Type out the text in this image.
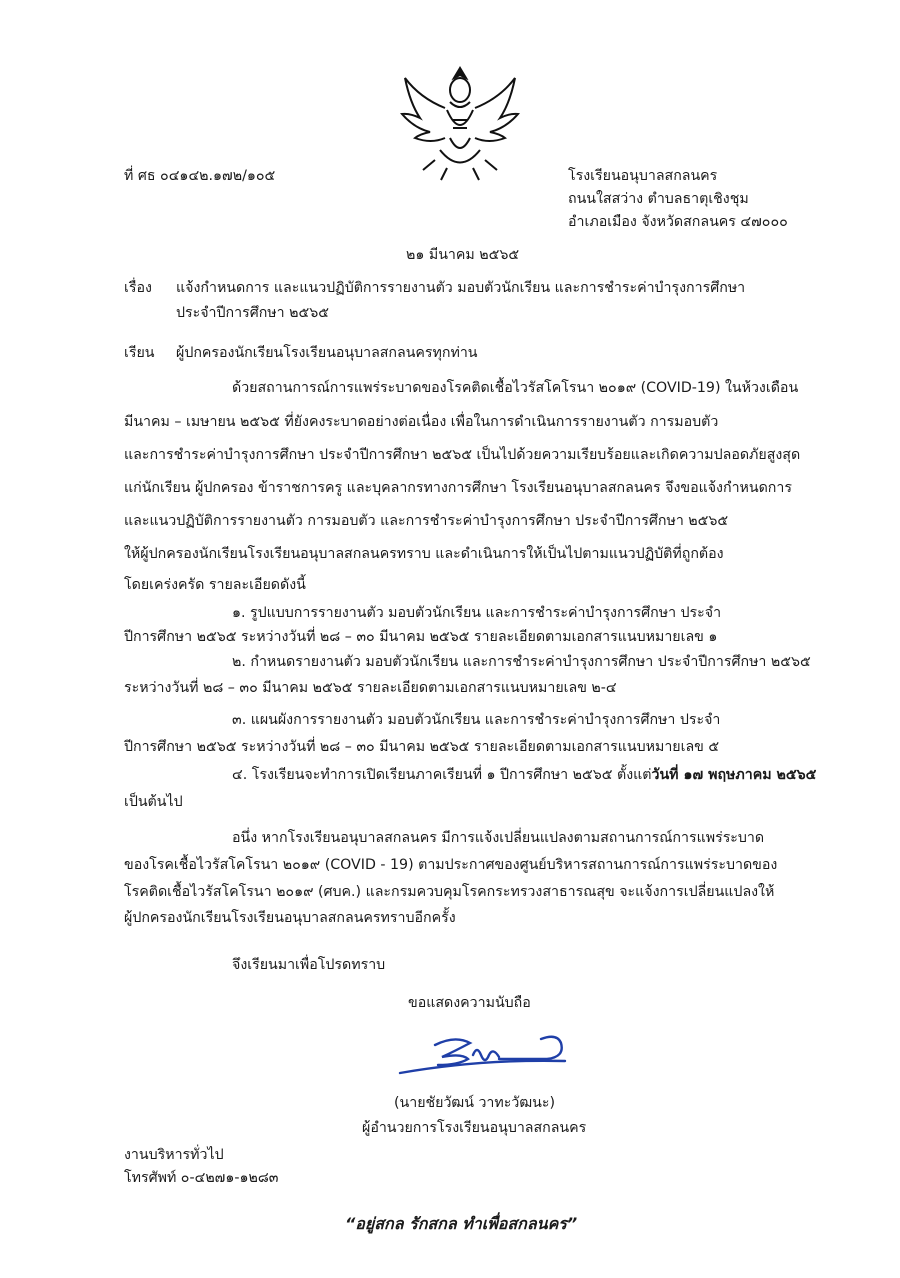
ที่ ศธ ๐๔๑๔๒.๑๗๒/๑๐๕	โรงเรียนอนุบาลสกลนคร
ถนนใสสว่าง ตำบลธาตุเชิงชุม
อำเภอเมือง จังหวัดสกลนคร ๔๗๐๐๐
๒๑ มีนาคม ๒๕๖๕
เรื่อง แจ้งกำหนดการ และแนวปฏิบัติการรายงานตัว มอบตัวนักเรียน และการชำระค่าบำรุงการศึกษา
ประจำปีการศึกษา ๒๕๖๕
เรียน ผู้ปกครองนักเรียนโรงเรียนอนุบาลสกลนครทุกท่าน
ด้วยสถานการณ์การแพร่ระบาดของโรคติดเชื้อไวรัสโคโรนา ๒๐๑๙ (COVID-19) ในห้วงเดือน
มีนาคม – เมษายน ๒๕๖๕ ที่ยังคงระบาดอย่างต่อเนื่อง เพื่อในการดำเนินการรายงานตัว การมอบตัว
และการชำระค่าบำรุงการศึกษา ประจำปีการศึกษา ๒๕๖๕ เป็นไปด้วยความเรียบร้อยและเกิดความปลอดภัยสูงสุด
แก่นักเรียน ผู้ปกครอง ข้าราชการครู และบุคลากรทางการศึกษา โรงเรียนอนุบาลสกลนคร จึงขอแจ้งกำหนดการ
และแนวปฏิบัติการรายงานตัว การมอบตัว และการชำระค่าบำรุงการศึกษา ประจำปีการศึกษา ๒๕๖๕
ให้ผู้ปกครองนักเรียนโรงเรียนอนุบาลสกลนครทราบ และดำเนินการให้เป็นไปตามแนวปฏิบัติที่ถูกต้อง
โดยเคร่งครัด รายละเอียดดังนี้
๑. รูปแบบการรายงานตัว มอบตัวนักเรียน และการชำระค่าบำรุงการศึกษา ประจำ
ปีการศึกษา ๒๕๖๕ ระหว่างวันที่ ๒๘ – ๓๐ มีนาคม ๒๕๖๕ รายละเอียดตามเอกสารแนบหมายเลข ๑
๒. กำหนดรายงานตัว มอบตัวนักเรียน และการชำระค่าบำรุงการศึกษา ประจำปีการศึกษา ๒๕๖๕
ระหว่างวันที่ ๒๘ – ๓๐ มีนาคม ๒๕๖๕ รายละเอียดตามเอกสารแนบหมายเลข ๒-๔
๓. แผนผังการรายงานตัว มอบตัวนักเรียน และการชำระค่าบำรุงการศึกษา ประจำ
ปีการศึกษา ๒๕๖๕ ระหว่างวันที่ ๒๘ – ๓๐ มีนาคม ๒๕๖๕ รายละเอียดตามเอกสารแนบหมายเลข ๕
๔. โรงเรียนจะทำการเปิดเรียนภาคเรียนที่ ๑ ปีการศึกษา ๒๕๖๕ ตั้งแต่วันที่ ๑๗ พฤษภาคม ๒๕๖๕
เป็นต้นไป
อนึ่ง หากโรงเรียนอนุบาลสกลนคร มีการแจ้งเปลี่ยนแปลงตามสถานการณ์การแพร่ระบาด
ของโรคเชื้อไวรัสโคโรนา ๒๐๑๙ (COVID - 19) ตามประกาศของศูนย์บริหารสถานการณ์การแพร่ระบาดของ
โรคติดเชื้อไวรัสโคโรนา ๒๐๑๙ (ศบค.) และกรมควบคุมโรคกระทรวงสาธารณสุข จะแจ้งการเปลี่ยนแปลงให้
ผู้ปกครองนักเรียนโรงเรียนอนุบาลสกลนครทราบอีกครั้ง
จึงเรียนมาเพื่อโปรดทราบ
ขอแสดงความนับถือ
(นายชัยวัฒน์ วาทะวัฒนะ)
ผู้อำนวยการโรงเรียนอนุบาลสกลนคร
งานบริหารทั่วไป
โทรศัพท์ ๐-๔๒๗๑-๑๒๘๓
“อยู่สกล รักสกล ทำเพื่อสกลนคร”
